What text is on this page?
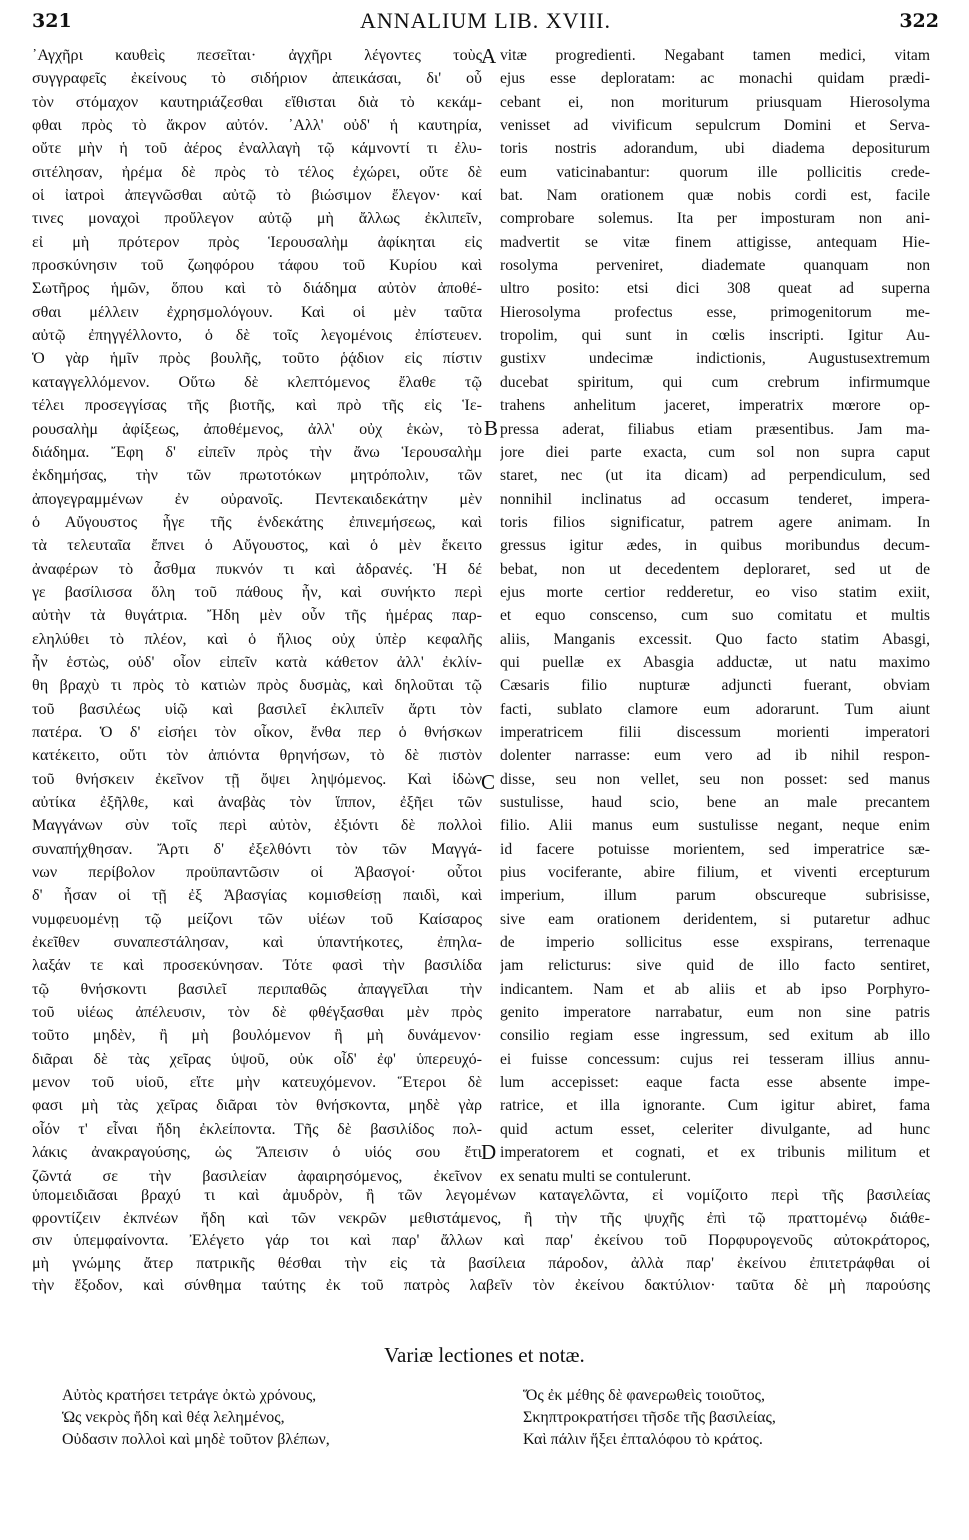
321	ANNALIUM LIB. XVIII.	322
᾿Αγχῆρι καυθεὶς πεσεῖται· ἀγχῆρι λέγοντες τοὺς
συγγραφεῖς ἐκείνους τὸ σιδήριον ἀπεικάσαι, δι' οὗ
τὸν στόμαχον καυτηριάζεσθαι εἴθισται διὰ τὸ κεκάμ-
φθαι πρὸς τὸ ἄκρον αὐτόν. ᾿Αλλ' οὐδ' ἡ καυτηρία,
οὔτε μὴν ἡ τοῦ ἀέρος ἐναλλαγὴ τῷ κάμνοντί τι ἐλυ-
σιτέλησαν, ἠρέμα δὲ πρὸς τὸ τέλος ἐχώρει, οὔτε δὲ
οἱ ἰατροὶ ἀπεγνῶσθαι αὐτῷ τὸ βιώσιμον ἔλεγον· καί
τινες μοναχοὶ προὔλεγον αὐτῷ μὴ ἄλλως ἐκλιπεῖν,
εἰ μὴ πρότερον πρὸς Ἱερουσαλὴμ ἀφίκηται εἰς
προσκύνησιν τοῦ ζωηφόρου τάφου τοῦ Κυρίου καὶ
Σωτῆρος ἡμῶν, ὅπου καὶ τὸ διάδημα αὐτὸν ἀποθέ-
σθαι μέλλειν ἐχρησμολόγουν. Καὶ οἱ μὲν ταῦτα
αὐτῷ ἐπηγγέλλοντο, ὁ δὲ τοῖς λεγομένοις ἐπίστευεν.
Ὁ γὰρ ἡμῖν πρὸς βουλῆς, τοῦτο ῥᾴδιον εἰς πίστιν
καταγγελλόμενον. Οὕτω δὲ κλεπτόμενος ἔλαθε τῷ
τέλει προσεγγίσας τῆς βιοτῆς, καὶ πρὸ τῆς εἰς Ἱε-
ρουσαλὴμ ἀφίξεως, ἀποθέμενος, ἀλλ' οὐχ ἑκὼν, τὸ
διάδημα. Ἔφη δ' εἰπεῖν πρὸς τὴν ἄνω Ἱερουσαλὴμ
ἐκδημήσας, τὴν τῶν πρωτοτόκων μητρόπολιν, τῶν
ἀπογεγραμμένων ἐν οὐρανοῖς. Πεντεκαιδεκάτην μὲν
ὁ Αὔγουστος ἦγε τῆς ἑνδεκάτης ἐπινεμήσεως, καὶ
τὰ τελευταῖα ἔπνει ὁ Αὔγουστος, καὶ ὁ μὲν ἔκειτο
ἀναφέρων τὸ ἆσθμα πυκνόν τι καὶ ἀδρανές. Ἡ δέ
γε βασίλισσα ὅλη τοῦ πάθους ἦν, καὶ συνήκτο περὶ
αὐτὴν τὰ θυγάτρια. Ἤδη μὲν οὖν τῆς ἡμέρας παρ-
εληλύθει τὸ πλέον, καὶ ὁ ἥλιος οὐχ ὑπὲρ κεφαλῆς
ἦν ἑστὼς, οὐδ' οἷον εἰπεῖν κατὰ κάθετον ἀλλ' ἐκλίν-
θη βραχὺ τι πρὸς τὸ κατιὼν πρὸς δυσμὰς, καὶ δηλοῦται τῷ
τοῦ βασιλέως υἱῷ καὶ βασιλεῖ ἐκλιπεῖν ἄρτι τὸν
πατέρα. Ὁ δ' εἰσήει τὸν οἶκον, ἔνθα περ ὁ θνήσκων
κατέκειτο, οὔτι τὸν ἀπιόντα θρηνήσων, τὸ δὲ πιστὸν
τοῦ θνήσκειν ἐκεῖνον τῇ ὄψει ληψόμενος. Καὶ ἰδὼν
αὐτίκα ἐξῆλθε, καὶ ἀναβὰς τὸν ἵππον, ἐξῆει τῶν
Μαγγάνων σὺν τοῖς περὶ αὐτὸν, ἐξιόντι δὲ πολλοὶ
συναπήχθησαν. Ἄρτι δ' ἐξελθόντι τὸν τῶν Μαγγά-
νων περίβολον προϋπαντῶσιν οἱ Ἀβασγοί· οὗτοι
δ' ἦσαν οἱ τῇ ἐξ Ἀβασγίας κομισθείσῃ παιδὶ, καὶ
νυμφευομένῃ τῷ μείζονι τῶν υἱέων τοῦ Καίσαρος
ἐκεῖθεν συναπεστάλησαν, καὶ ὑπαντήκοτες, ἐπηλα-
λαξάν τε καὶ προσεκύνησαν. Τότε φασὶ τὴν βασιλίδα
τῷ θνήσκοντι βασιλεῖ περιπαθῶς ἀπαγγεῖλαι τὴν
τοῦ υἱέως ἀπέλευσιν, τὸν δὲ φθέγξασθαι μὲν πρὸς
τοῦτο μηδὲν, ἢ μὴ βουλόμενον ἢ μὴ δυνάμενον·
διᾶραι δὲ τὰς χεῖρας ὑψοῦ, οὐκ οἶδ' ἐφ' ὑπερευχό-
μενον τοῦ υἱοῦ, εἴτε μὴν κατευχόμενον. Ἕτεροι δὲ
φασι μὴ τὰς χεῖρας διᾶραι τὸν θνήσκοντα, μηδὲ γὰρ
οἷόν τ' εἶναι ἤδη ἐκλείποντα. Τῆς δὲ βασιλίδος πολ-
λάκις ἀνακραγούσης, ὡς Ἄπεισιν ὁ υἱός σου ἔτι
ζῶντά σε τὴν βασιλείαν ἀφαιρησόμενος, ἐκεῖνον
vitæ progredienti. Negabant tamen medici, vitam
ejus esse deploratam: ac monachi quidam prædi-
cebant ei, non moriturum priusquam Hierosolyma
venisset ad vivificum sepulcrum Domini et Serva-
toris nostris adorandum, ubi diadema depositurum
eum vaticinabantur: quorum ille pollicitis crede-
bat. Nam orationem quæ nobis cordi est, facile
comprobare solemus. Ita per imposturam non ani-
madvertit se vitæ finem attigisse, antequam Hie-
rosolyma perveniret, diademate quanquam non
ultro posito: etsi dici 308 queat ad superna
Hierosolyma profectus esse, primogenitorum me-
tropolim, qui sunt in cœlis inscripti. Igitur Au-
gustixv undecimæ indictionis, Augustusextremum
ducebat spiritum, qui cum crebrum infirmumque
trahens anhelitum jaceret, imperatrix mœrore op-
pressa aderat, filiabus etiam præsentibus. Jam ma-
jore diei parte exacta, cum sol non supra caput
staret, nec (ut ita dicam) ad perpendiculum, sed
nonnihil inclinatus ad occasum tenderet, impera-
toris filios significatur, patrem agere animam. In
gressus igitur ædes, in quibus moribundus decum-
bebat, non ut decedentem deploraret, sed ut de
ejus morte certior redderetur, eo viso statim exiit,
et equo conscenso, cum suo comitatu et multis
aliis, Manganis excessit. Quo facto statim Abasgi,
qui puellæ ex Abasgia adductæ, ut natu maximo
Cæsaris filio nupturæ adjuncti fuerant, obviam
facti, sublato clamore eum adorarunt. Tum aiunt
imperatricem filii discessum morienti imperatori
dolenter narrasse: eum vero ad ib nihil respon-
disse, seu non vellet, seu non posset: sed manus
sustulisse, haud scio, bene an male precantem
filio. Alii manus eum sustulisse negant, neque enim
id facere potuisse morientem, sed imperatrice sæ-
pius vociferante, abire filium, et viventi ercepturum
imperium, illum parum obscureque subrisisse,
sive eam orationem deridentem, si putaretur adhuc
de imperio sollicitus esse exspirans, terrenaque
jam relicturus: sive quid de illo facto sentiret,
indicantem. Nam et ab aliis et ab ipso Porphyro-
genito imperatore narrabatur, eum non sine patris
consilio regiam esse ingressum, sed exitum ab illo
ei fuisse concessum: cujus rei tesseram illius annu-
lum accepisset: eaque facta esse absente impe-
ratrice, et illa ignorante. Cum igitur abiret, fama
quid actum esset, celeriter divulgante, ad hunc
imperatorem et cognati, et ex tribunis militum et
ex senatu multi se contulerunt.
A
B
C
D
ὑπομειδιᾶσαι βραχύ τι καὶ ἀμυδρὸν, ἢ τῶν λεγομένων καταγελῶντα, εἰ νομίζοιτο περὶ τῆς βασιλείας
φροντίζειν ἐκπνέων ἤδη καὶ τῶν νεκρῶν μεθιστάμενος, ἢ τὴν τῆς ψυχῆς ἐπὶ τῷ πραττομένῳ διάθε-
σιν ὑπεμφαίνοντα. Ἐλέγετο γάρ τοι καὶ παρ' ἄλλων καὶ παρ' ἐκείνου τοῦ Πορφυρογενοῦς αὐτοκράτορος,
μὴ γνώμης ἄτερ πατρικῆς θέσθαι τὴν εἰς τὰ βασίλεια πάροδον, ἀλλὰ παρ' ἐκείνου ἐπιτετράφθαι οἱ
τὴν ἔξοδον, καὶ σύνθημα ταύτης ἐκ τοῦ πατρὸς λαβεῖν τὸν ἐκείνου δακτύλιον· ταῦτα δὲ μὴ παρούσης
Variæ lectiones et notæ.
Αὐτὸς κρατήσει τετράγε ὀκτὼ χρόνους,
Ὡς νεκρὸς ἤδη καὶ θέᾳ λελημένος,
Οὐδασιν πολλοὶ καὶ μηδὲ τοῦτον βλέπων,
Ὅς ἐκ μέθης δὲ φανερωθεὶς τοιοῦτος,
Σκηπτροκρατήσει τῆσδε τῆς βασιλείας,
Καὶ πάλιν ἥξει ἐπταλόφου τὸ κράτος.
